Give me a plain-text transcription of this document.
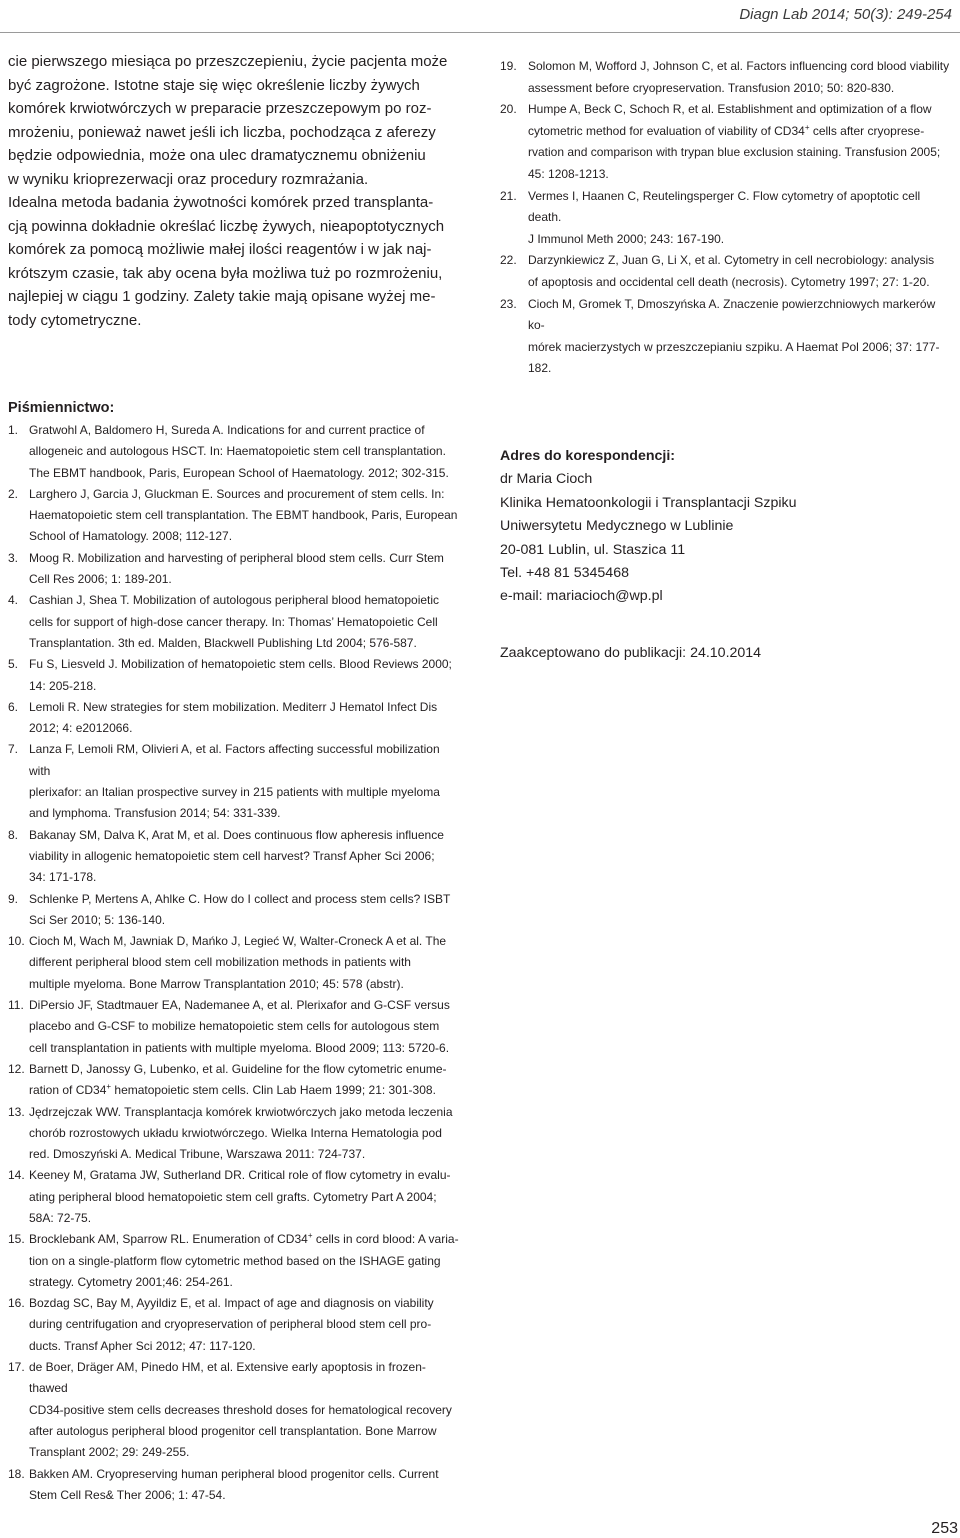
Diagn Lab 2014; 50(3): 249-254

cie pierwszego miesiąca po przeszczepieniu, życie pacjenta może
być zagrożone. Istotne staje się więc określenie liczby żywych
komórek krwiotwórczych w preparacie przeszczepowym po roz-
mrożeniu, ponieważ nawet jeśli ich liczba, pochodząca z aferezy
będzie odpowiednia, może ona ulec dramatycznemu obniżeniu
w wyniku krioprezerwacji oraz procedury rozmrażania.
Idealna metoda badania żywotności komórek przed transplanta-
cją powinna dokładnie określać liczbę żywych, nieapoptotycznych
komórek za pomocą możliwie małej ilości reagentów i w jak naj-
krótszym czasie, tak aby ocena była możliwa tuż po rozmrożeniu,
najlepiej w ciągu 1 godziny. Zalety takie mają opisane wyżej me-
tody cytometryczne.

Piśmiennictwo:
1. Gratwohl A, Baldomero H, Sureda A. Indications for and current practice of
allogeneic and autologous HSCT. In: Haematopoietic stem cell transplantation.
The EBMT handbook, Paris, European School of Haematology. 2012; 302-315.
2. Larghero J, Garcia J, Gluckman E. Sources and procurement of stem cells. In:
Haematopoietic stem cell transplantation. The EBMT handbook, Paris, European
School of Hamatology. 2008; 112-127.
3. Moog R. Mobilization and harvesting of peripheral blood stem cells. Curr Stem
Cell Res 2006; 1: 189-201.
4. Cashian J, Shea T. Mobilization of autologous peripheral blood hematopoietic
cells for support of high-dose cancer therapy. In: Thomas’ Hematopoietic Cell
Transplantation. 3th ed. Malden, Blackwell Publishing Ltd 2004; 576-587.
5. Fu S, Liesveld J. Mobilization of hematopoietic stem cells. Blood Reviews 2000;
14: 205-218.
6. Lemoli R. New strategies for stem mobilization. Mediterr J Hematol Infect Dis
2012; 4: e2012066.
7. Lanza F, Lemoli RM, Olivieri A, et al. Factors affecting successful mobilization with
plerixafor: an Italian prospective survey in 215 patients with multiple myeloma
and lymphoma. Transfusion 2014; 54: 331-339.
8. Bakanay SM, Dalva K, Arat M, et al. Does continuous flow apheresis influence
viability in allogenic hematopoietic stem cell harvest? Transf Apher Sci 2006;
34: 171-178.
9. Schlenke P, Mertens A, Ahlke C. How do I collect and process stem cells? ISBT
Sci Ser 2010; 5: 136-140.
10. Cioch M, Wach M, Jawniak D, Mańko J, Legieć W, Walter-Croneck A et al. The
different peripheral blood stem cell mobilization methods in patients with
multiple myeloma. Bone Marrow Transplantation 2010; 45: 578 (abstr).
11. DiPersio JF, Stadtmauer EA, Nademanee A, et al. Plerixafor and G-CSF versus
placebo and G-CSF to mobilize hematopoietic stem cells for autologous stem
cell transplantation in patients with multiple myeloma. Blood 2009; 113: 5720-6.
12. Barnett D, Janossy G, Lubenko, et al. Guideline for the flow cytometric enume-
ration of CD34+ hematopoietic stem cells. Clin Lab Haem 1999; 21: 301-308.
13. Jędrzejczak WW. Transplantacja komórek krwiotwórczych jako metoda leczenia
chorób rozrostowych układu krwiotwórczego. Wielka Interna Hematologia pod
red. Dmoszyński A. Medical Tribune, Warszawa 2011: 724-737.
14. Keeney M, Gratama JW, Sutherland DR. Critical role of flow cytometry in evalu-
ating peripheral blood hematopoietic stem cell grafts. Cytometry Part A 2004;
58A: 72-75.
15. Brocklebank AM, Sparrow RL. Enumeration of CD34+ cells in cord blood: A varia-
tion on a single-platform flow cytometric method based on the ISHAGE gating
strategy. Cytometry 2001;46: 254-261.
16. Bozdag SC, Bay M, Ayyildiz E, et al. Impact of age and diagnosis on viability
during centrifugation and cryopreservation of peripheral blood stem cell pro-
ducts. Transf Apher Sci 2012; 47: 117-120.
17. de Boer, Dräger AM, Pinedo HM, et al. Extensive early apoptosis in frozen-thawed
CD34-positive stem cells decreases threshold doses for hematological recovery
after autologus peripheral blood progenitor cell transplantation. Bone Marrow
Transplant 2002; 29: 249-255.
18. Bakken AM. Cryopreserving human peripheral blood progenitor cells. Current
Stem Cell Res& Ther 2006; 1: 47-54.
19. Solomon M, Wofford J, Johnson C, et al. Factors influencing cord blood viability
assessment before cryopreservation. Transfusion 2010; 50: 820-830.
20. Humpe A, Beck C, Schoch R, et al. Establishment and optimization of a flow
cytometric method for evaluation of viability of CD34+ cells after cryoprese-
rvation and comparison with trypan blue exclusion staining. Transfusion 2005;
45: 1208-1213.
21. Vermes I, Haanen C, Reutelingsperger C. Flow cytometry of apoptotic cell death.
J Immunol Meth 2000; 243: 167-190.
22. Darzynkiewicz Z, Juan G, Li X, et al. Cytometry in cell necrobiology: analysis
of apoptosis and occidental cell death (necrosis). Cytometry 1997; 27: 1-20.
23. Cioch M, Gromek T, Dmoszyńska A. Znaczenie powierzchniowych markerów ko-
mórek macierzystych w przeszczepianiu szpiku. A Haemat Pol 2006; 37: 177-182.
Adres do korespondencji:
dr Maria Cioch
Klinika Hematoonkologii i Transplantacji Szpiku
Uniwersytetu Medycznego w Lublinie
20-081 Lublin, ul. Staszica 11
Tel. +48 81 5345468
e-mail: mariacioch@wp.pl
Zaakceptowano do publikacji: 24.10.2014
253
